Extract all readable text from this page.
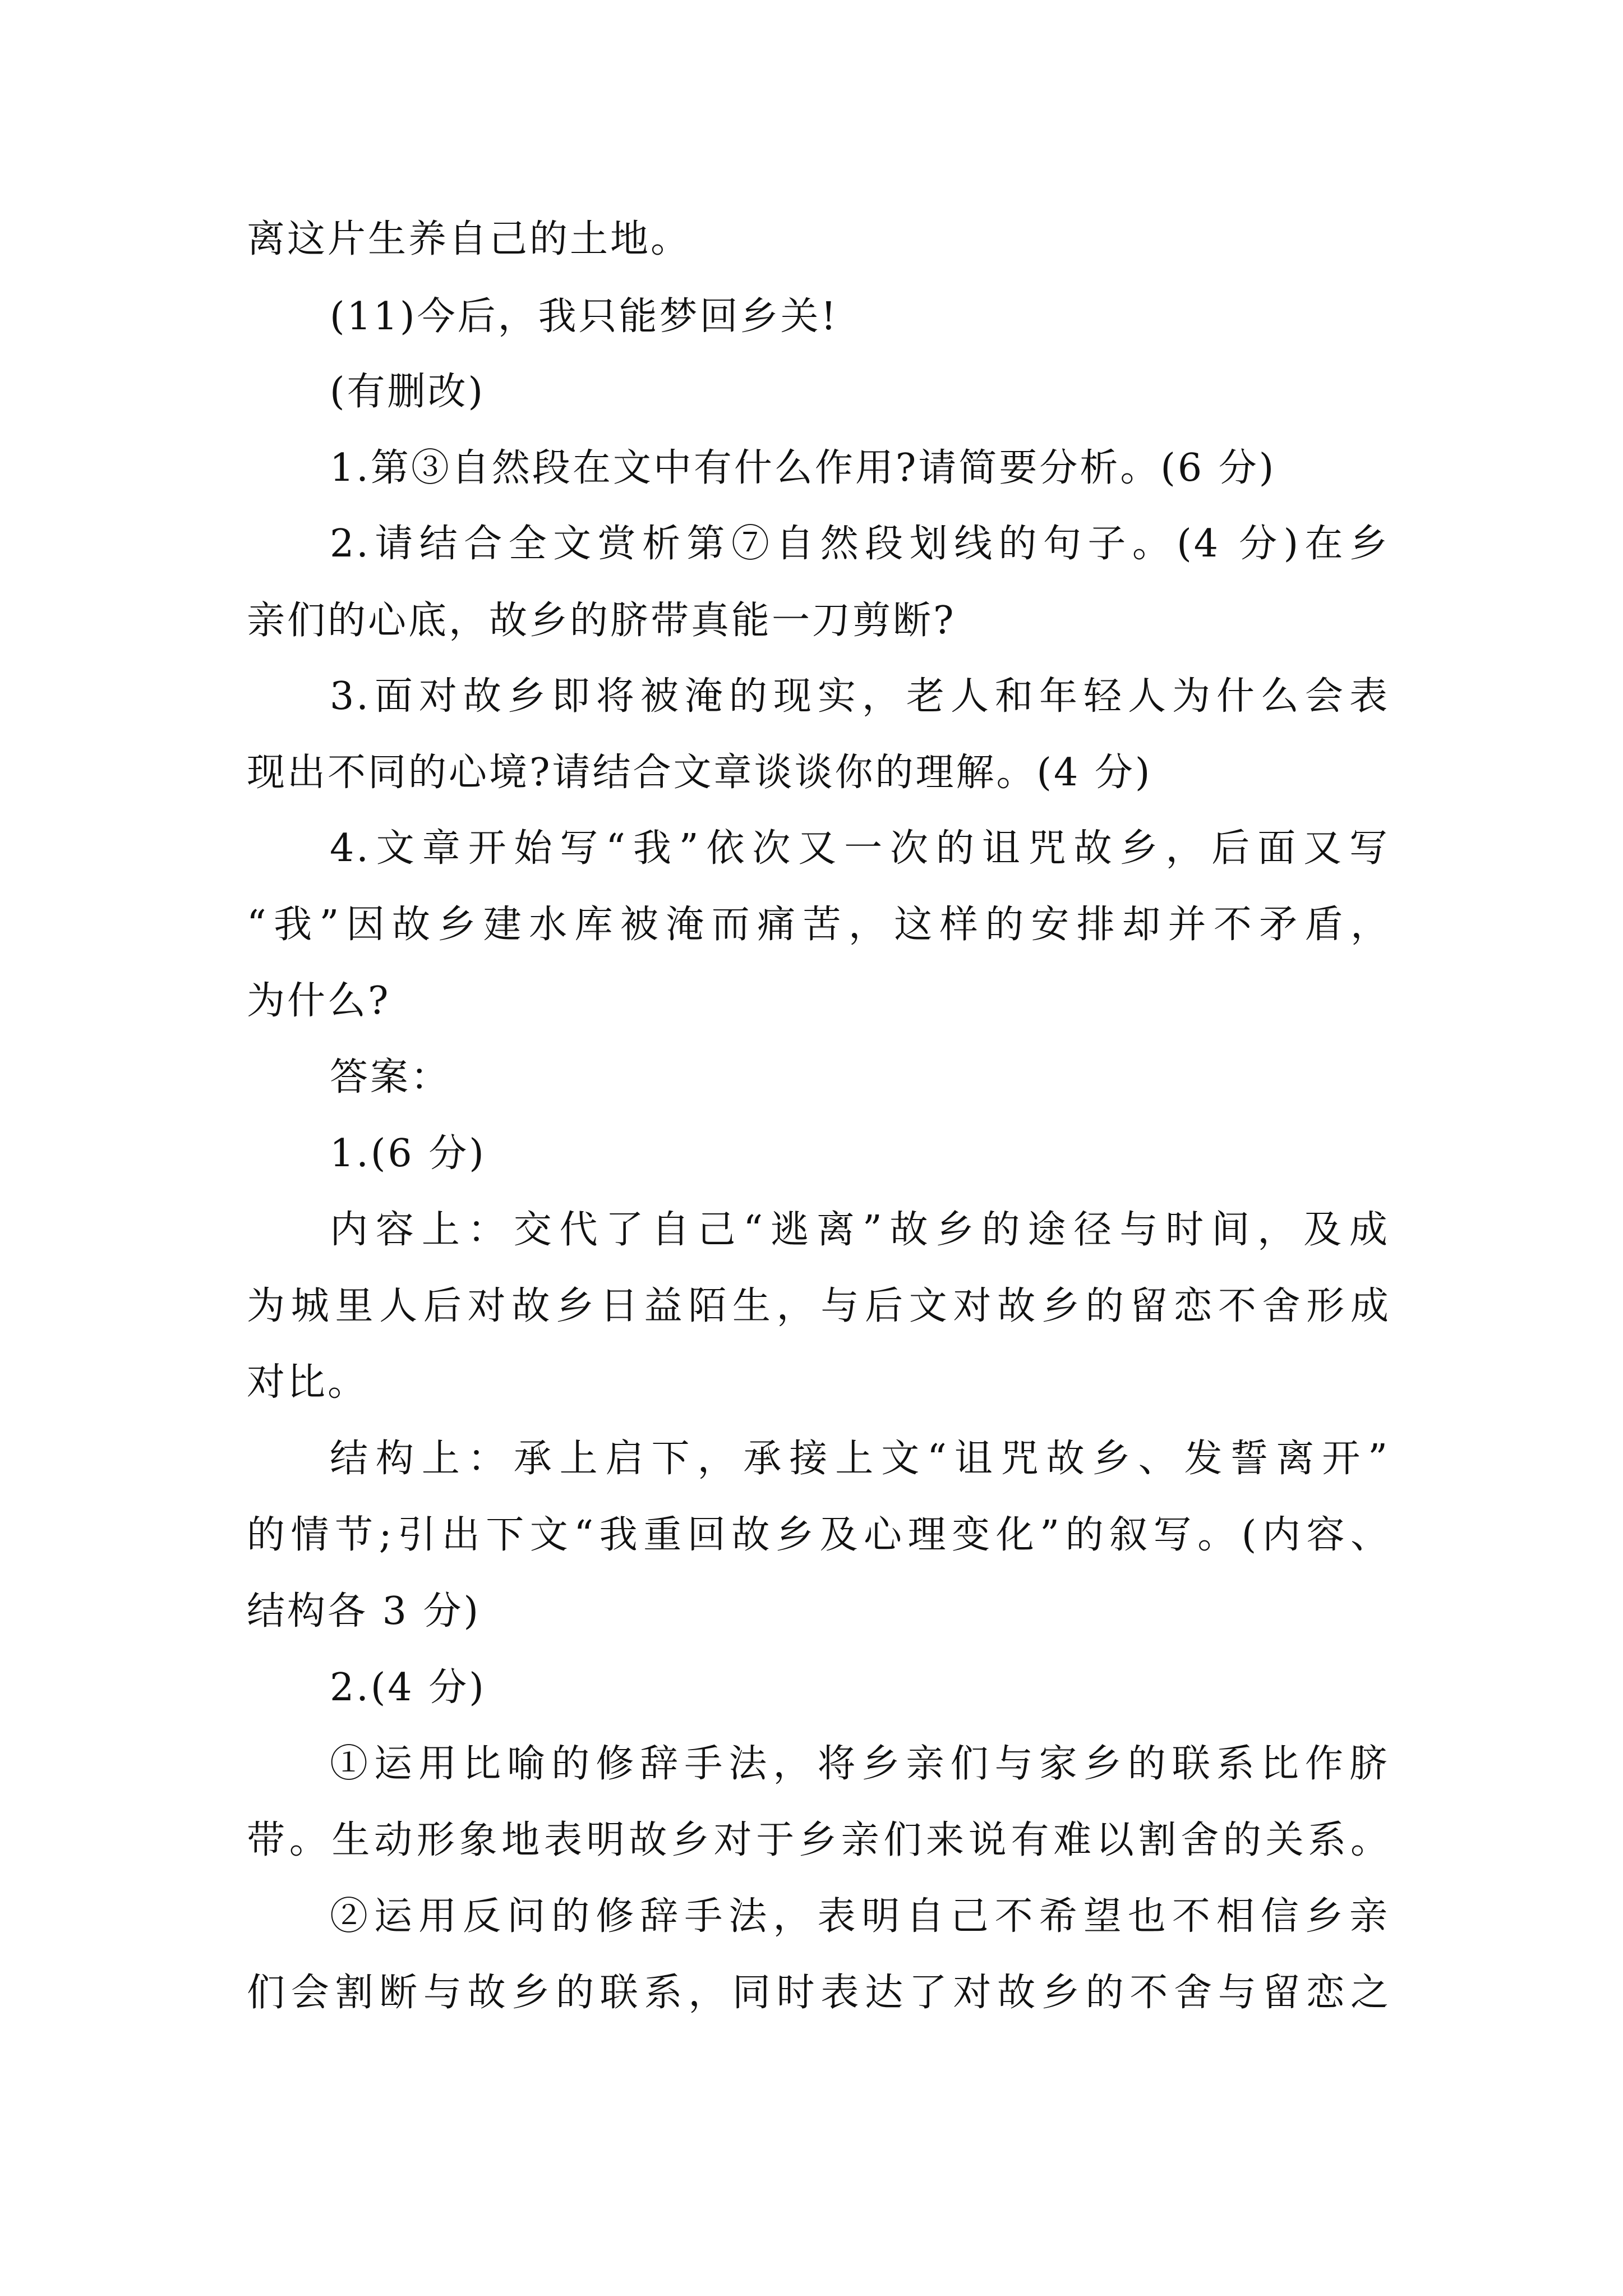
离这片生养自己的土地。
(11)今后，我只能梦回乡关!
(有删改)
1.第③自然段在文中有什么作用?请简要分析。(6 分)
2.请结合全文赏析第⑦自然段划线的句子。(4 分)在乡
亲们的心底，故乡的脐带真能一刀剪断?
3.面对故乡即将被淹的现实，老人和年轻人为什么会表
现出不同的心境?请结合文章谈谈你的理解。(4 分)
4.文章开始写“我”依次又一次的诅咒故乡，后面又写
“我”因故乡建水库被淹而痛苦，这样的安排却并不矛盾，
为什么?
答案：
1.(6 分)
内容上：交代了自己“逃离”故乡的途径与时间，及成
为城里人后对故乡日益陌生，与后文对故乡的留恋不舍形成
对比。
结构上：承上启下，承接上文“诅咒故乡、发誓离开”
的情节;引出下文“我重回故乡及心理变化”的叙写。(内容、
结构各 3 分)
2.(4 分)
①运用比喻的修辞手法，将乡亲们与家乡的联系比作脐
带。生动形象地表明故乡对于乡亲们来说有难以割舍的关系。
②运用反问的修辞手法，表明自己不希望也不相信乡亲
们会割断与故乡的联系，同时表达了对故乡的不舍与留恋之
